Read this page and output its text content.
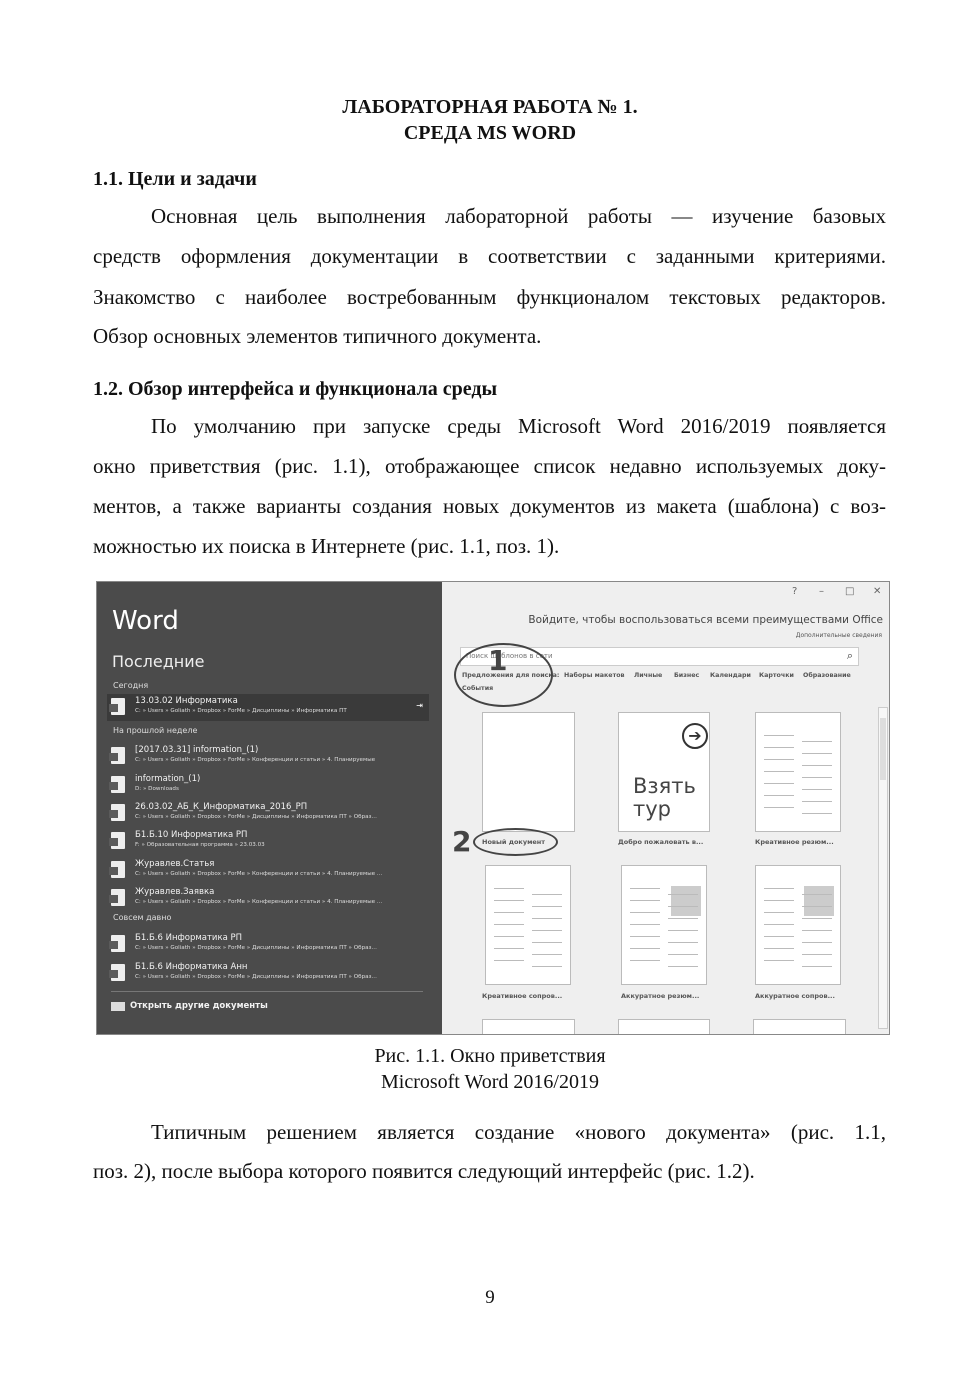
ЛАБОРАТОРНАЯ РАБОТА № 1.
СРЕДА MS WORD
1.1. Цели и задачи
Основная цель выполнения лабораторной работы — изучение базовых
средств оформления документации в соответствии с заданными критериями.
Знакомство с наиболее востребованным функционалом текстовых редакторов.
Обзор основных элементов типичного документа.
1.2. Обзор интерфейса и функционала среды
По умолчанию при запуске среды Microsoft Word 2016/2019 появляется
окно приветствия (рис. 1.1), отображающее список недавно используемых доку-
ментов, а также варианты создания новых документов из макета (шаблона) с воз-
можностью их поиска в Интернете (рис. 1.1, поз. 1).
Word
Последние
Сегодня
На прошлой неделе
Совсем давно
13.03.02 Информатика
C: » Users » Goliath » Dropbox » ForMe » Дисциплины » Информатика ПТ
⇥
[2017.03.31] information_(1)
C: » Users » Goliath » Dropbox » ForMe » Конференции и статьи » 4. Планируемые
information_(1)
D: » Downloads
26.03.02_АБ_К_Информатика_2016_РП
C: » Users » Goliath » Dropbox » ForMe » Дисциплины » Информатика ПТ » Образ...
Б1.Б.10 Информатика РП
F: » Образовательная программа » 23.03.03
Журавлев.Статья
C: » Users » Goliath » Dropbox » ForMe » Конференции и статьи » 4. Планируемые ...
Журавлев.Заявка
C: » Users » Goliath » Dropbox » ForMe » Конференции и статьи » 4. Планируемые ...
Б1.Б.6 Информатика РП
C: » Users » Goliath » Dropbox » ForMe » Дисциплины » Информатика ПТ » Образ...
Б1.Б.6 Информатика Анн
C: » Users » Goliath » Dropbox » ForMe » Дисциплины » Информатика ПТ » Образ...
Открыть другие документы
? – □ ✕
Войдите, чтобы воспользоваться всеми преимуществами Office
Дополнительные сведения
Поиск шаблонов в сети	⌕
Предложения для поиска: Наборы макетов Личные Бизнес Календари Карточки Образование
События
➔
Взять
тур
Новый документ	Добро пожаловать в...	Креативное резюм...
Креативное сопров...	Аккуратное резюм...	Аккуратное сопров...
1
2
Рис. 1.1. Окно приветствия
Microsoft Word 2016/2019
Типичным решением является создание «нового документа» (рис. 1.1,
поз. 2), после выбора которого появится следующий интерфейс (рис. 1.2).
9
